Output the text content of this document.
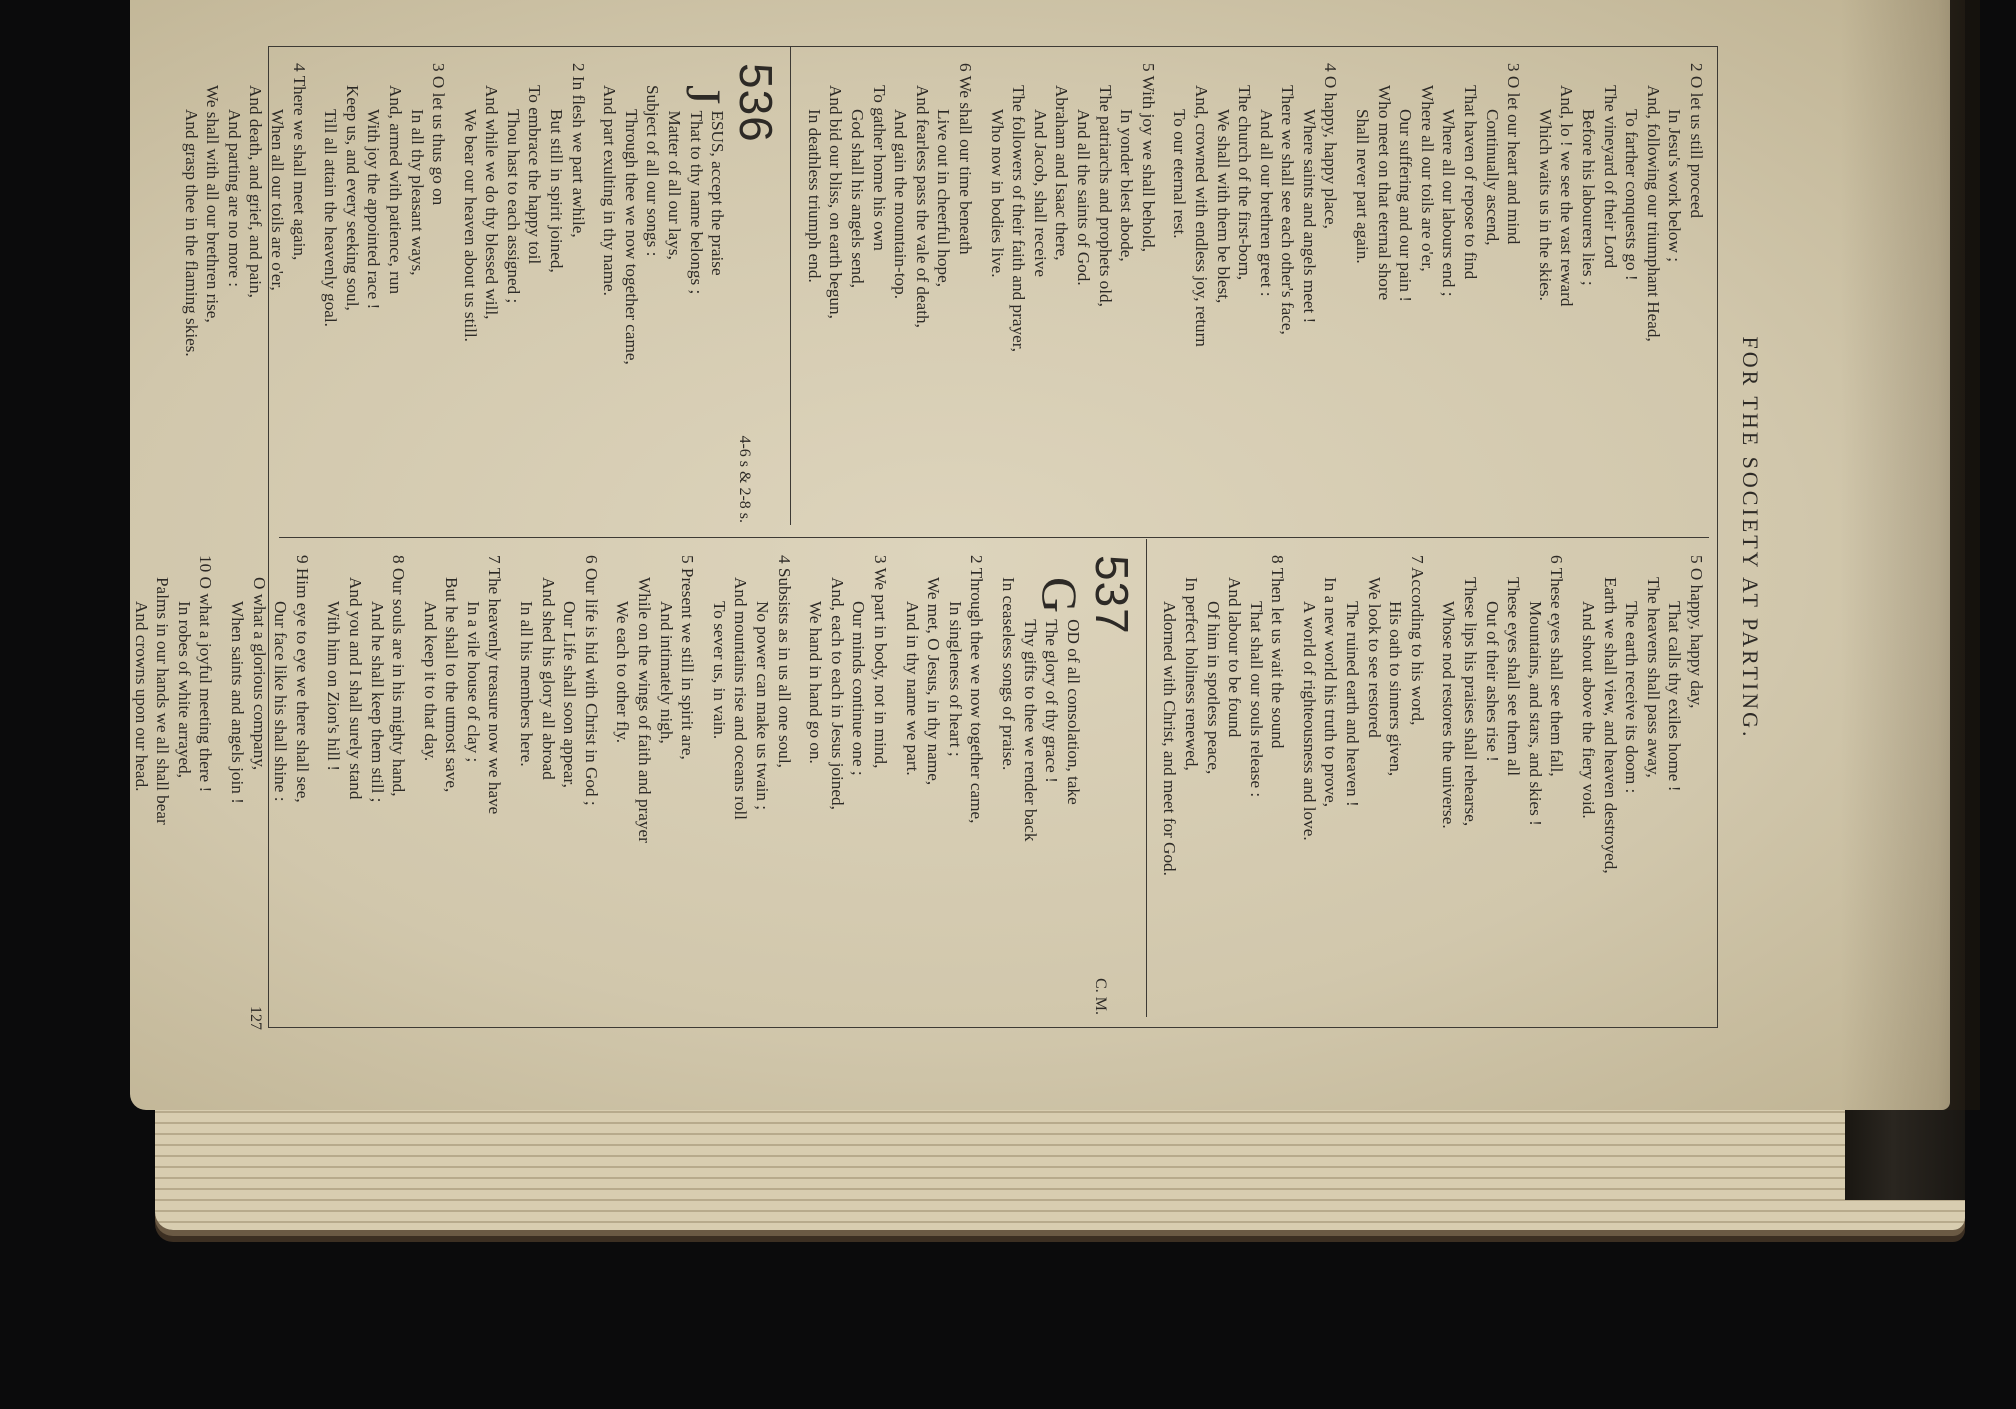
FOR THE SOCIETY AT PARTING.
2 O let us still proceed
In Jesu's work below ;
And, following our triumphant Head,
To farther conquests go !
The vineyard of their Lord
Before his labourers lies ;
And, lo ! we see the vast reward
Which waits us in the skies.
3 O let our heart and mind
Continually ascend,
That haven of repose to find
Where all our labours end ;
Where all our toils are o'er,
Our suffering and our pain !
Who meet on that eternal shore
Shall never part again.
4 O happy, happy place,
Where saints and angels meet !
There we shall see each other's face,
And all our brethren greet :
The church of the first-born,
We shall with them be blest,
And, crowned with endless joy, return
To our eternal rest.
5 With joy we shall behold,
In yonder blest abode,
The patriarchs and prophets old,
And all the saints of God.
Abraham and Isaac there,
And Jacob, shall receive
The followers of their faith and prayer,
Who now in bodies live.
6 We shall our time beneath
Live out in cheerful hope,
And fearless pass the vale of death,
And gain the mountain-top.
To gather home his own
God shall his angels send,
And bid our bliss, on earth begun,
In deathless triumph end.
536
4-6 s & 2-8 s.
J
ESUS, accept the praise
That to thy name belongs ;
Matter of all our lays,
Subject of all our songs :
Through thee we now together came,
And part exulting in thy name.
2 In flesh we part awhile,
But still in spirit joined,
To embrace the happy toil
Thou hast to each assigned ;
And while we do thy blessed will,
We bear our heaven about us still.
3 O let us thus go on
In all thy pleasant ways,
And, armed with patience, run
With joy the appointed race !
Keep us, and every seeking soul,
Till all attain the heavenly goal.
4 There we shall meet again,
When all our toils are o'er,
And death, and grief, and pain,
And parting are no more :
We shall with all our brethren rise,
And grasp thee in the flaming skies.
5 O happy, happy day,
That calls thy exiles home !
The heavens shall pass away,
The earth receive its doom :
Earth we shall view, and heaven destroyed,
And shout above the fiery void.
6 These eyes shall see them fall,
Mountains, and stars, and skies !
These eyes shall see them all
Out of their ashes rise !
These lips his praises shall rehearse,
Whose nod restores the universe.
7 According to his word,
His oath to sinners given,
We look to see restored
The ruined earth and heaven !
In a new world his truth to prove,
A world of righteousness and love.
8 Then let us wait the sound
That shall our souls release :
And labour to be found
Of him in spotless peace,
In perfect holiness renewed,
Adorned with Christ, and meet for God.
537
C. M.
G
OD of all consolation, take
The glory of thy grace !
Thy gifts to thee we render back
In ceaseless songs of praise.
2 Through thee we now together came,
In singleness of heart ;
We met, O Jesus, in thy name,
And in thy name we part.
3 We part in body, not in mind,
Our minds continue one ;
And, each to each in Jesus joined,
We hand in hand go on.
4 Subsists as in us all one soul,
No power can make us twain ;
And mountains rise and oceans roll
To sever us, in vain.
5 Present we still in spirit are,
And intimately nigh,
While on the wings of faith and prayer
We each to other fly.
6 Our life is hid with Christ in God ;
Our Life shall soon appear,
And shed his glory all abroad
In all his members here.
7 The heavenly treasure now we have
In a vile house of clay ;
But he shall to the utmost save,
And keep it to that day.
8 Our souls are in his mighty hand,
And he shall keep them still ;
And you and I shall surely stand
With him on Zion's hill !
9 Him eye to eye we there shall see,
Our face like his shall shine :
O what a glorious company,
When saints and angels join !
10 O what a joyful meeting there !
In robes of white arrayed,
Palms in our hands we all shall bear
And crowns upon our head.
127
